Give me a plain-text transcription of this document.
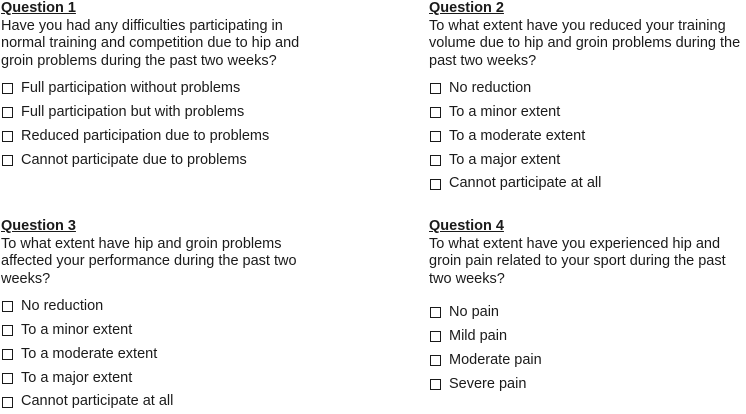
Question 1
Have you had any difficulties participating in normal training and competition due to hip and groin problems during the past two weeks?
Full participation without problems
Full participation but with problems
Reduced participation due to problems
Cannot participate due to problems
Question 2
To what extent have you reduced your training volume due to hip and groin problems during the past two weeks?
No reduction
To a minor extent
To a moderate extent
To a major extent
Cannot participate at all
Question 3
To what extent have hip and groin problems affected your performance during the past two weeks?
No reduction
To a minor extent
To a moderate extent
To a major extent
Cannot participate at all
Question 4
To what extent have you experienced hip and groin pain related to your sport during the past two weeks?
No pain
Mild pain
Moderate pain
Severe pain
